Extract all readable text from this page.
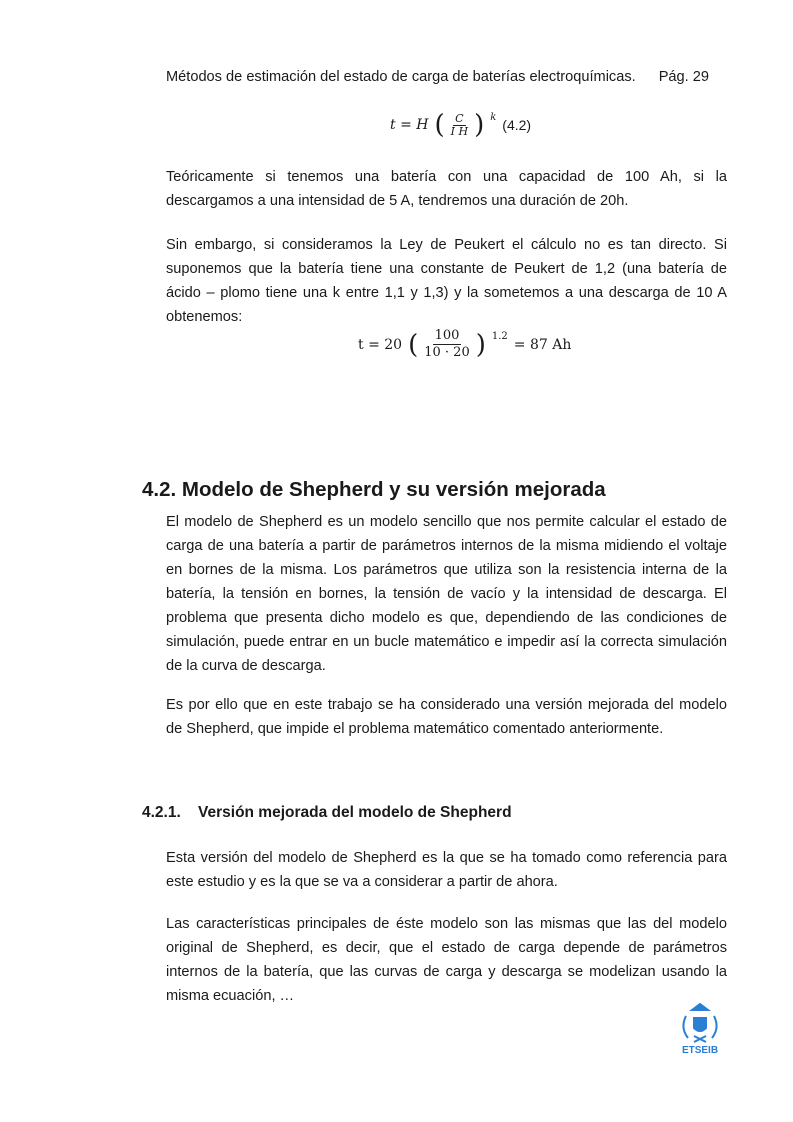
Métodos de estimación del estado de carga de baterías electroquímicas. Pág. 29
t = H ( $\frac{C}{\text{I H}}$ ) $^k$ (4.2)
Teóricamente si tenemos una batería con una capacidad de 100 Ah, si la descargamos a una intensidad de 5 A, tendremos una duración de 20h.
Sin embargo, si consideramos la Ley de Peukert el cálculo no es tan directo. Si suponemos que la batería tiene una constante de Peukert de 1,2 (una batería de ácido – plomo tiene una k entre 1,1 y 1,3) y la sometemos a una descarga de 10 A obtenemos:
t = 20 ( $\frac{100}{10 \cdot 20}$ ) $^{1.2}$ = 87 Ah
4.2. Modelo de Shepherd y su versión mejorada
El modelo de Shepherd es un modelo sencillo que nos permite calcular el estado de carga de una batería a partir de parámetros internos de la misma midiendo el voltaje en bornes de la misma. Los parámetros que utiliza son la resistencia interna de la batería, la tensión en bornes, la tensión de vacío y la intensidad de descarga. El problema que presenta dicho modelo es que, dependiendo de las condiciones de simulación, puede entrar en un bucle matemático e impedir así la correcta simulación de la curva de descarga.
Es por ello que en este trabajo se ha considerado una versión mejorada del modelo de Shepherd, que impide el problema matemático comentado anteriormente.
4.2.1.    Versión mejorada del modelo de Shepherd
Esta versión del modelo de Shepherd es la que se ha tomado como referencia para este estudio y es la que se va a considerar a partir de ahora.
Las características principales de éste modelo son las mismas que las del modelo original de Shepherd, es decir, que el estado de carga depende de parámetros internos de la batería, que las curvas de carga y descarga se modelizan usando la misma ecuación, …
ETSEIB
